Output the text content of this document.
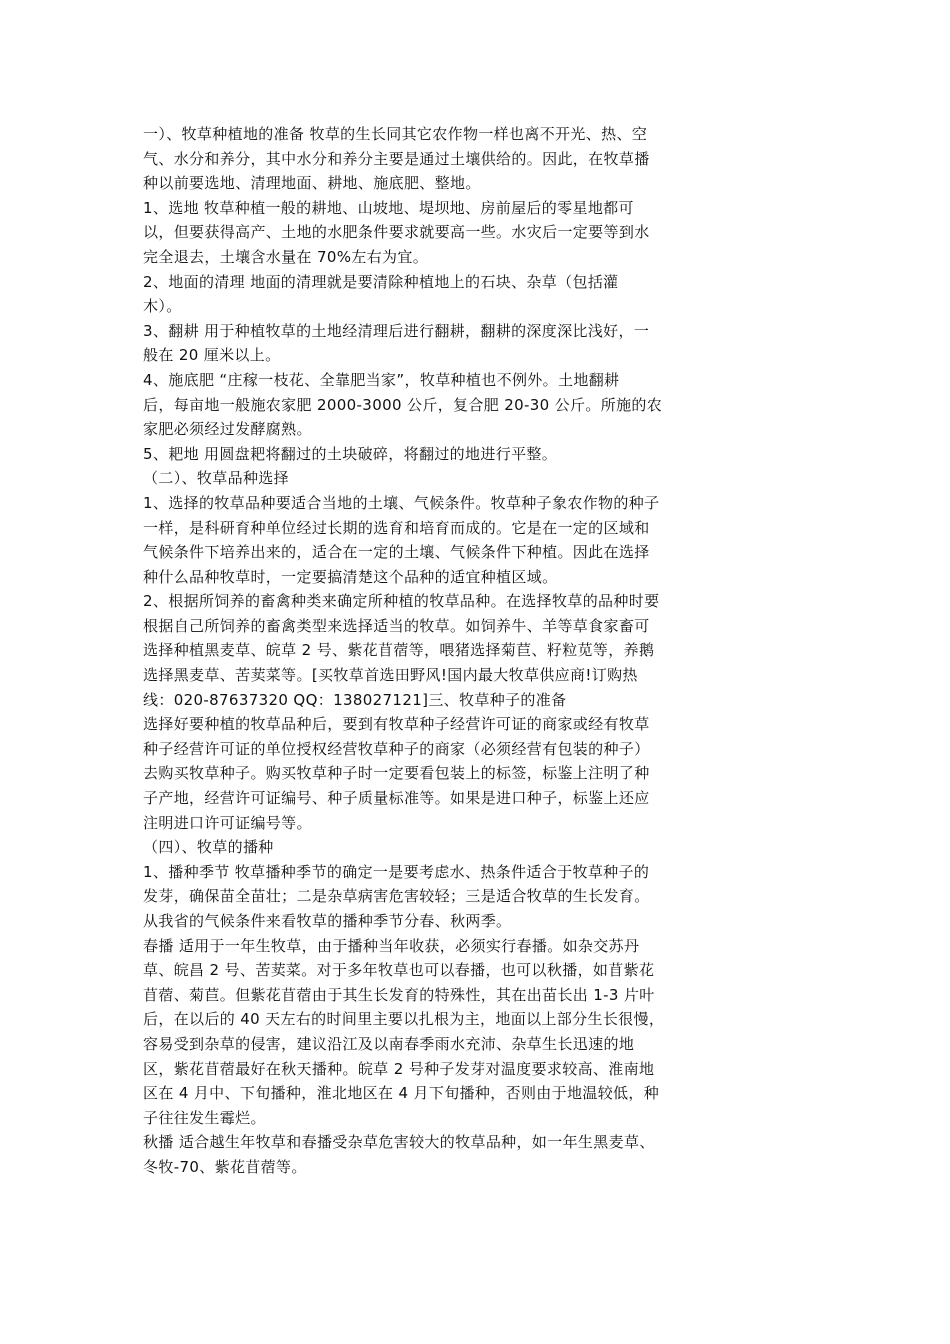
一）、牧草种植地的准备 牧草的生长同其它农作物一样也离不开光、热、空
气、水分和养分，其中水分和养分主要是通过土壤供给的。因此，在牧草播
种以前要选地、清理地面、耕地、施底肥、整地。
1、选地 牧草种植一般的耕地、山坡地、堤坝地、房前屋后的零星地都可
以，但要获得高产、土地的水肥条件要求就要高一些。水灾后一定要等到水
完全退去，土壤含水量在 70%左右为宜。
2、地面的清理 地面的清理就是要清除种植地上的石块、杂草（包括灌
木）。
3、翻耕 用于种植牧草的土地经清理后进行翻耕，翻耕的深度深比浅好，一
般在 20 厘米以上。
4、施底肥 “庄稼一枝花、全靠肥当家”，牧草种植也不例外。土地翻耕
后，每亩地一般施农家肥 2000-3000 公斤，复合肥 20-30 公斤。所施的农
家肥必须经过发酵腐熟。
5、耙地 用圆盘耙将翻过的土块破碎，将翻过的地进行平整。
（二）、牧草品种选择
1、选择的牧草品种要适合当地的土壤、气候条件。牧草种子象农作物的种子
一样，是科研育种单位经过长期的选育和培育而成的。它是在一定的区域和
气候条件下培养出来的，适合在一定的土壤、气候条件下种植。因此在选择
种什么品种牧草时，一定要搞清楚这个品种的适宜种植区域。
2、根据所饲养的畜禽种类来确定所种植的牧草品种。在选择牧草的品种时要
根据自己所饲养的畜禽类型来选择适当的牧草。如饲养牛、羊等草食家畜可
选择种植黑麦草、皖草 2 号、紫花苜蓿等，喂猪选择菊苣、籽粒苋等，养鹅
选择黑麦草、苦荬菜等。[买牧草首选田野风!国内最大牧草供应商!订购热
线：020-87637320 QQ：138027121]三、牧草种子的准备
选择好要种植的牧草品种后，要到有牧草种子经营许可证的商家或经有牧草
种子经营许可证的单位授权经营牧草种子的商家（必须经营有包装的种子）
去购买牧草种子。购买牧草种子时一定要看包装上的标签，标鉴上注明了种
子产地，经营许可证编号、种子质量标准等。如果是进口种子，标鉴上还应
注明进口许可证编号等。
（四）、牧草的播种
1、播种季节 牧草播种季节的确定一是要考虑水、热条件适合于牧草种子的
发芽，确保苗全苗壮；二是杂草病害危害较轻；三是适合牧草的生长发育。
从我省的气候条件来看牧草的播种季节分春、秋两季。
春播 适用于一年生牧草，由于播种当年收获，必须实行春播。如杂交苏丹
草、皖昌 2 号、苦荬菜。对于多年牧草也可以春播，也可以秋播，如苜紫花
苜蓿、菊苣。但紫花苜蓿由于其生长发育的特殊性，其在出苗长出 1-3 片叶
后，在以后的 40 天左右的时间里主要以扎根为主，地面以上部分生长很慢，
容易受到杂草的侵害，建议沿江及以南春季雨水充沛、杂草生长迅速的地
区，紫花苜蓿最好在秋天播种。皖草 2 号种子发芽对温度要求较高、淮南地
区在 4 月中、下旬播种，淮北地区在 4 月下旬播种，否则由于地温较低，种
子往往发生霉烂。
秋播 适合越生年牧草和春播受杂草危害较大的牧草品种，如一年生黑麦草、
冬牧-70、紫花苜蓿等。
